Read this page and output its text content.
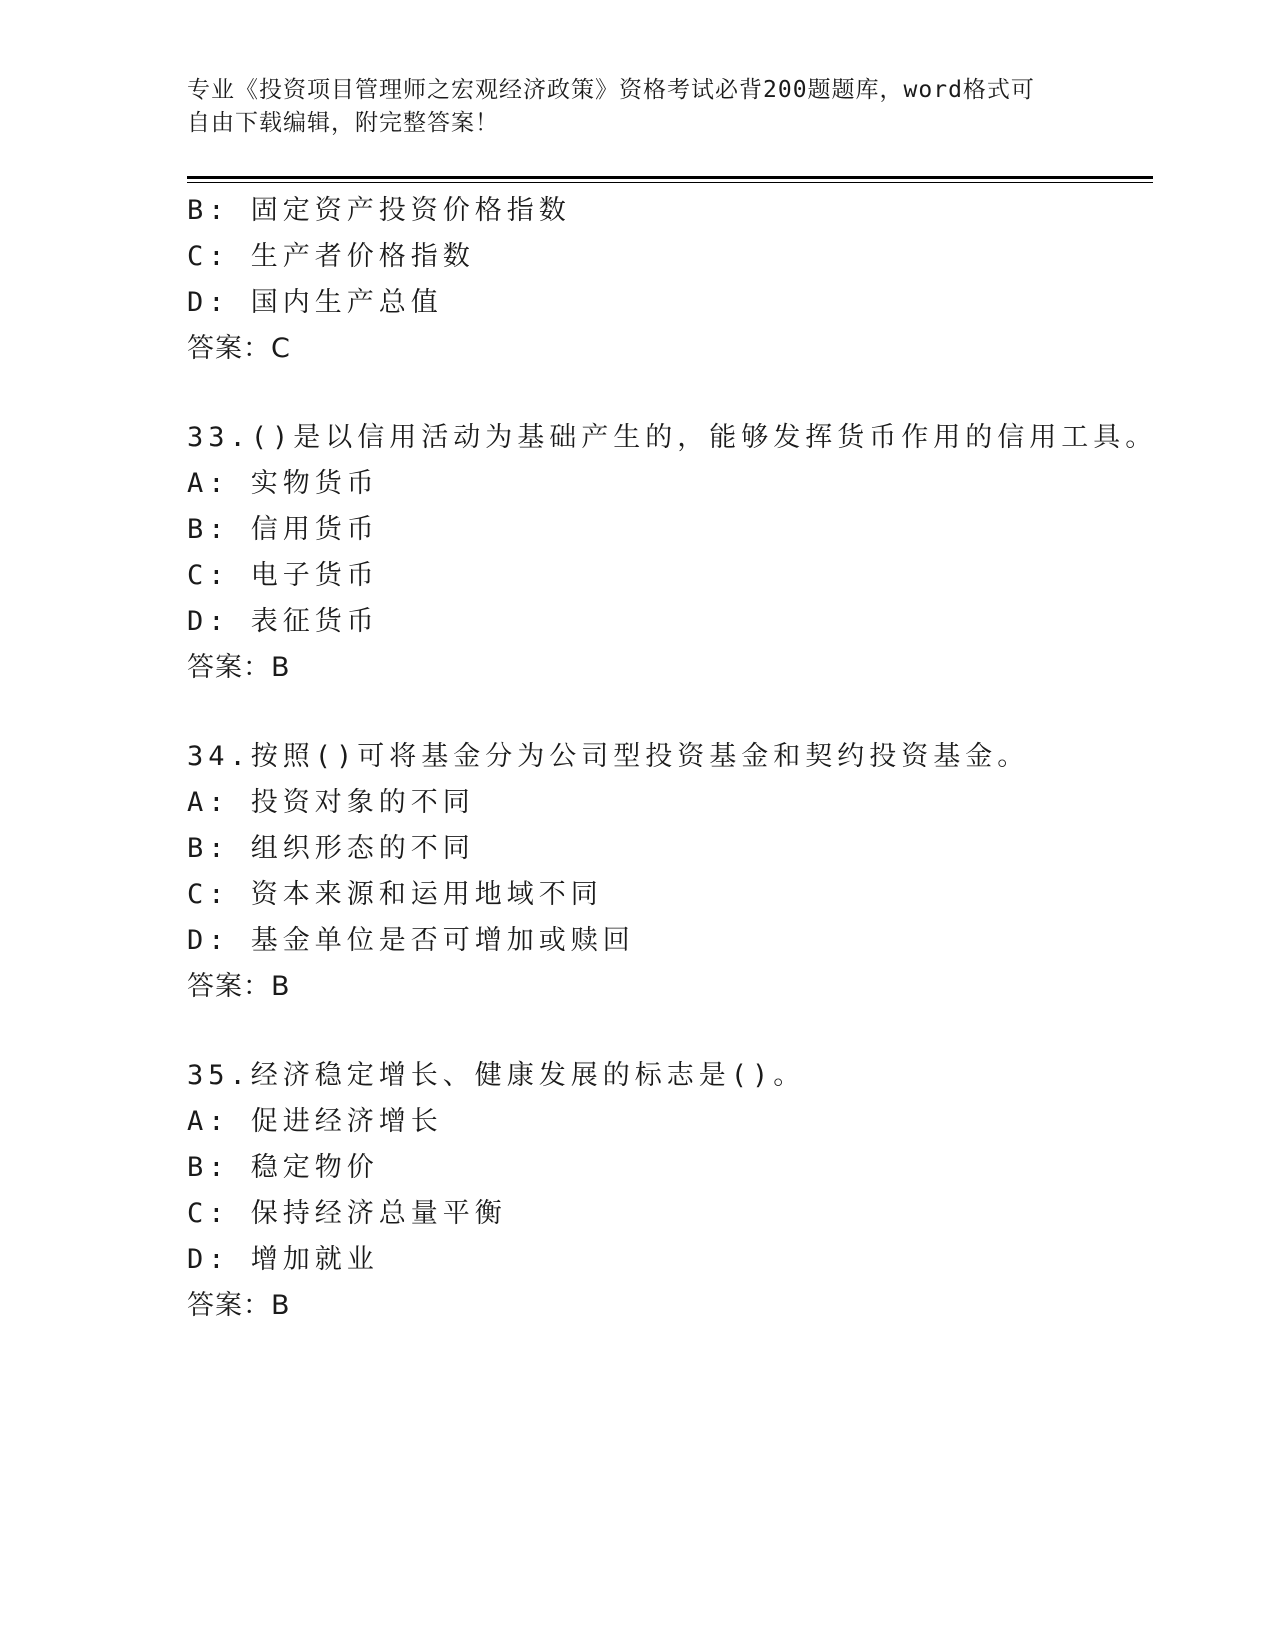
专业《投资项目管理师之宏观经济政策》资格考试必背200题题库，word格式可
自由下载编辑，附完整答案！
B: 固定资产投资价格指数
C: 生产者价格指数
D: 国内生产总值
答案：C
33.()是以信用活动为基础产生的，能够发挥货币作用的信用工具。
A: 实物货币
B: 信用货币
C: 电子货币
D: 表征货币
答案：B
34.按照()可将基金分为公司型投资基金和契约投资基金。
A: 投资对象的不同
B: 组织形态的不同
C: 资本来源和运用地域不同
D: 基金单位是否可增加或赎回
答案：B
35.经济稳定增长、健康发展的标志是()。
A: 促进经济增长
B: 稳定物价
C: 保持经济总量平衡
D: 增加就业
答案：B
